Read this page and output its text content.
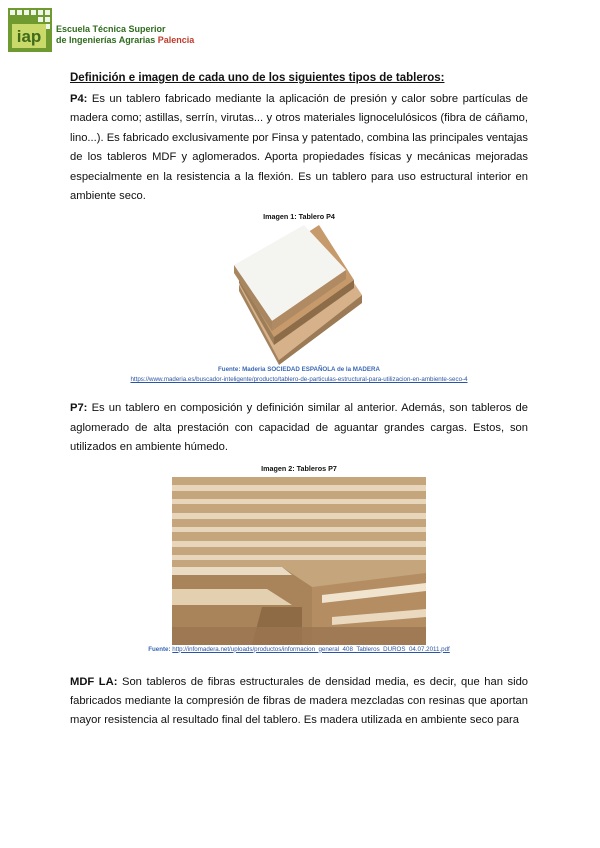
iap Escuela Técnica Superior
de Ingenierías Agrarias Palencia

Definición e imagen de cada uno de los siguientes tipos de tableros:

P4: Es un tablero fabricado mediante la aplicación de presión y calor sobre partículas de madera como; astillas, serrín, virutas... y otros materiales lignocelulósicos (fibra de cáñamo, lino...). Es fabricado exclusivamente por Finsa y patentado, combina las principales ventajas de los tableros MDF y aglomerados. Aporta propiedades físicas y mecánicas mejoradas especialmente en la resistencia a la flexión. Es un tablero para uso estructural interior en ambiente seco.

Imagen 1: Tablero P4
Fuente: Maderia SOCIEDAD ESPAÑOLA de la MADERA
https://www.maderia.es/buscador-inteligente/producto/tablero-de-particulas-estructural-para-utilizacion-en-ambiente-seco-4

P7: Es un tablero en composición y definición similar al anterior. Además, son tableros de aglomerado de alta prestación con capacidad de aguantar grandes cargas. Estos, son utilizados en ambiente húmedo.

Imagen 2: Tableros P7
Fuente: http://infomadera.net/uploads/productos/informacion_general_408_Tableros_DUROS_04.07.2011.pdf

MDF LA: Son tableros de fibras estructurales de densidad media, es decir, que han sido fabricados mediante la compresión de fibras de madera mezcladas con resinas que aportan mayor resistencia al resultado final del tablero. Es madera utilizada en ambiente seco para
